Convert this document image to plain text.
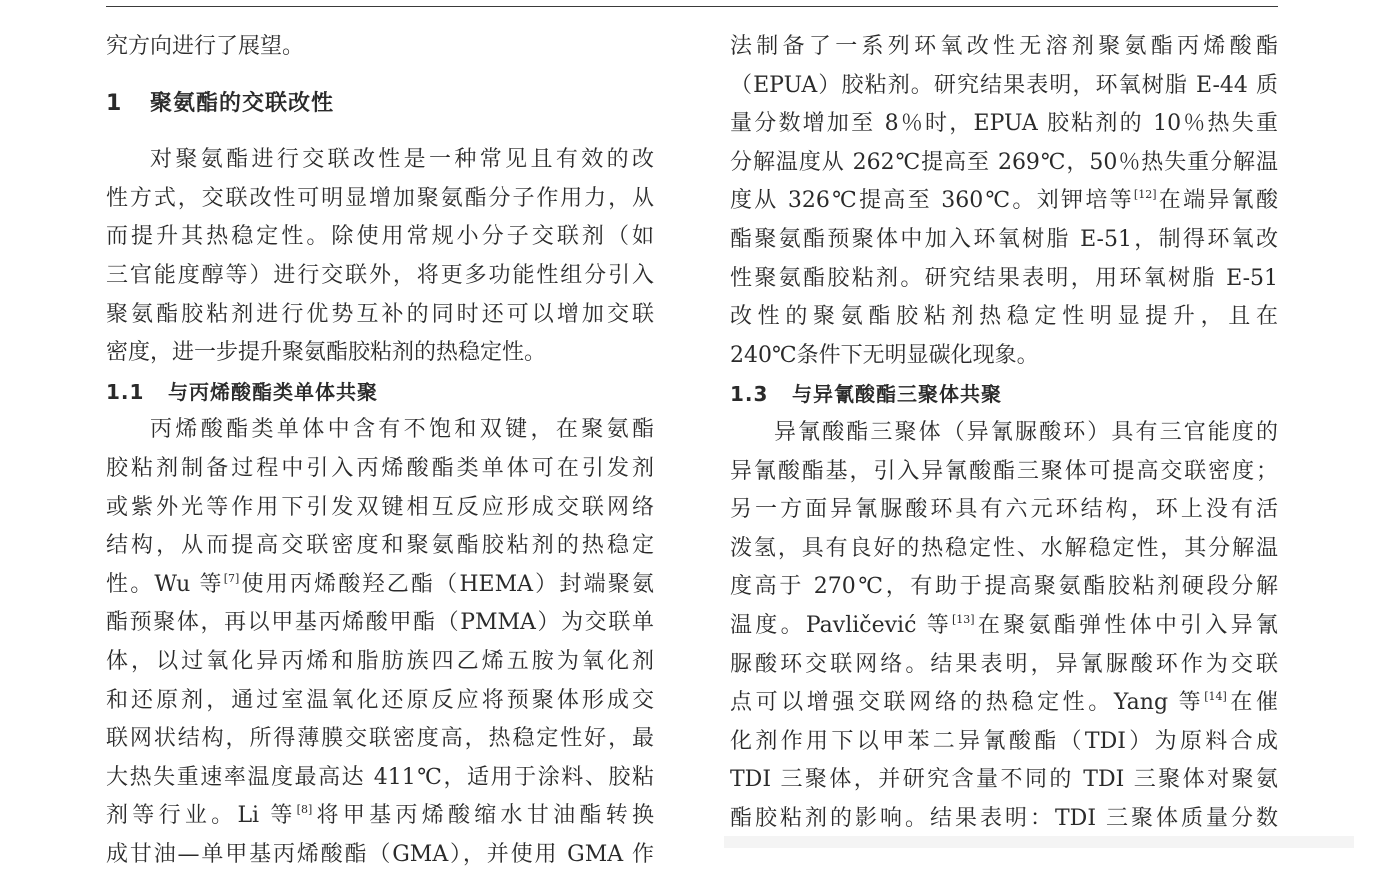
究方向进行了展望。

1 聚氨酯的交联改性

对聚氨酯进行交联改性是一种常见且有效的改
性方式，交联改性可明显增加聚氨酯分子作用力，从
而提升其热稳定性。除使用常规小分子交联剂（如
三官能度醇等）进行交联外，将更多功能性组分引入
聚氨酯胶粘剂进行优势互补的同时还可以增加交联
密度，进一步提升聚氨酯胶粘剂的热稳定性。

1.1 与丙烯酸酯类单体共聚

丙烯酸酯类单体中含有不饱和双键，在聚氨酯
胶粘剂制备过程中引入丙烯酸酯类单体可在引发剂
或紫外光等作用下引发双键相互反应形成交联网络
结构，从而提高交联密度和聚氨酯胶粘剂的热稳定
性。Wu 等[7]使用丙烯酸羟乙酯（HEMA）封端聚氨
酯预聚体，再以甲基丙烯酸甲酯（PMMA）为交联单
体，以过氧化异丙烯和脂肪族四乙烯五胺为氧化剂
和还原剂，通过室温氧化还原反应将预聚体形成交
联网状结构，所得薄膜交联密度高，热稳定性好，最
大热失重速率温度最高达 411℃，适用于涂料、胶粘
剂等行业。Li 等[8]将甲基丙烯酸缩水甘油酯转换
成甘油—单甲基丙烯酸酯（GMA），并使用 GMA 作

法制备了一系列环氧改性无溶剂聚氨酯丙烯酸酯
（EPUA）胶粘剂。研究结果表明，环氧树脂 E-44 质
量分数增加至 8％时，EPUA 胶粘剂的 10％热失重
分解温度从 262℃提高至 269℃，50％热失重分解温
度从 326℃提高至 360℃。刘钾培等[12]在端异氰酸
酯聚氨酯预聚体中加入环氧树脂 E-51，制得环氧改
性聚氨酯胶粘剂。研究结果表明，用环氧树脂 E-51
改性的聚氨酯胶粘剂热稳定性明显提升，且在
240℃条件下无明显碳化现象。

1.3 与异氰酸酯三聚体共聚

异氰酸酯三聚体（异氰脲酸环）具有三官能度的
异氰酸酯基，引入异氰酸酯三聚体可提高交联密度；
另一方面异氰脲酸环具有六元环结构，环上没有活
泼氢，具有良好的热稳定性、水解稳定性，其分解温
度高于 270℃，有助于提高聚氨酯胶粘剂硬段分解
温度。Pavličević 等[13]在聚氨酯弹性体中引入异氰
脲酸环交联网络。结果表明，异氰脲酸环作为交联
点可以增强交联网络的热稳定性。Yang 等[14]在催
化剂作用下以甲苯二异氰酸酯（TDI）为原料合成
TDI 三聚体，并研究含量不同的 TDI 三聚体对聚氨
酯胶粘剂的影响。结果表明：TDI 三聚体质量分数
